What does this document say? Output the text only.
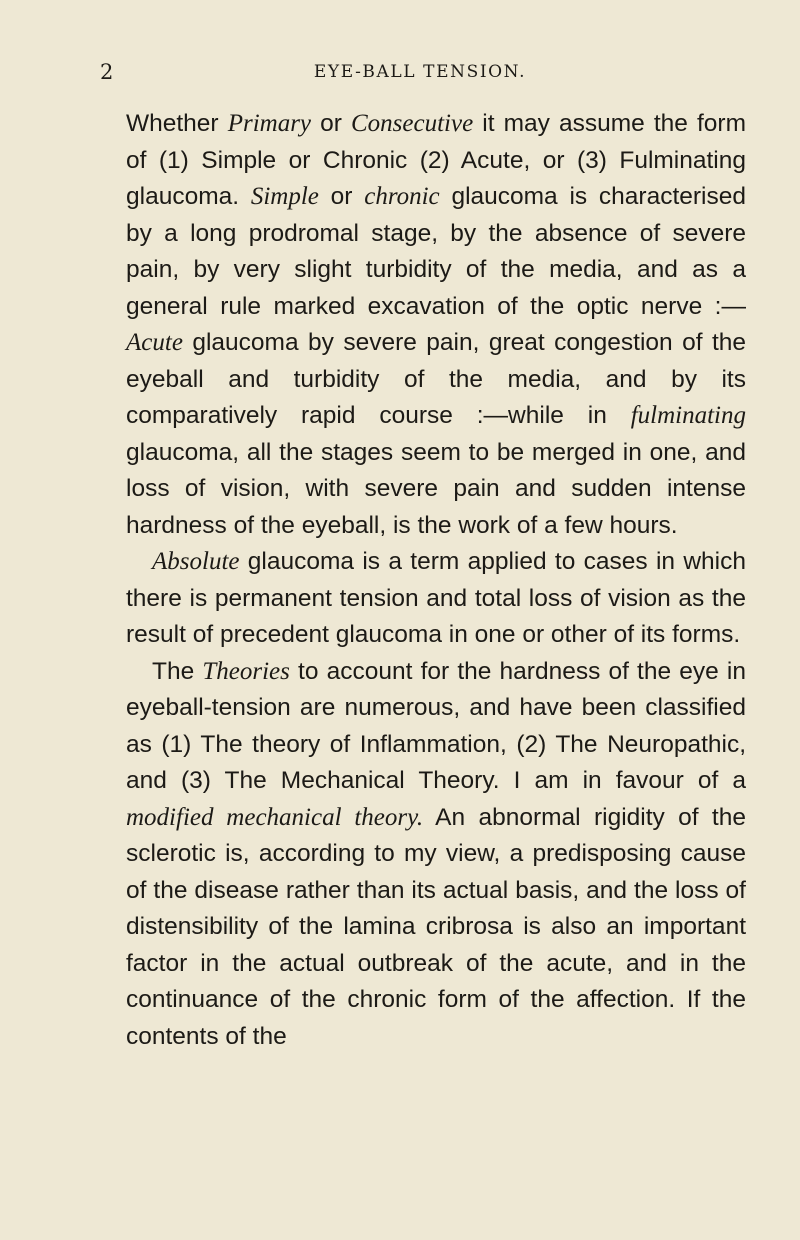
2	EYE-BALL TENSION.

Whether Primary or Consecutive it may assume the form of (1) Simple or Chronic (2) Acute, or (3) Fulminating glaucoma. Simple or chronic glaucoma is characterised by a long prodromal stage, by the absence of severe pain, by very slight turbidity of the media, and as a general rule marked excavation of the optic nerve :—Acute glaucoma by severe pain, great congestion of the eyeball and turbidity of the media, and by its comparatively rapid course :—while in fulminating glaucoma, all the stages seem to be merged in one, and loss of vision, with severe pain and sudden intense hardness of the eyeball, is the work of a few hours.

Absolute glaucoma is a term applied to cases in which there is permanent tension and total loss of vision as the result of precedent glaucoma in one or other of its forms.

The Theories to account for the hardness of the eye in eyeball-tension are numerous, and have been classified as (1) The theory of Inflammation, (2) The Neuropathic, and (3) The Mechanical Theory. I am in favour of a modified mechanical theory. An abnormal rigidity of the sclerotic is, according to my view, a predisposing cause of the disease rather than its actual basis, and the loss of distensibility of the lamina cribrosa is also an important factor in the actual outbreak of the acute, and in the continuance of the chronic form of the affection. If the contents of the
